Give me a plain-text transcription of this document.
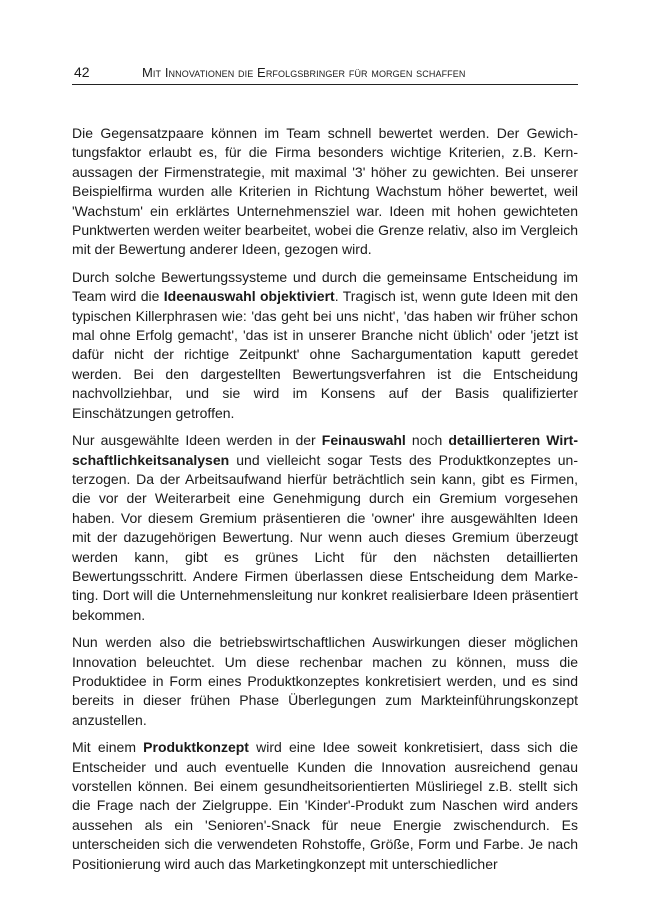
42	Mit Innovationen die Erfolgsbringer für morgen schaffen

Die Gegensatzpaare können im Team schnell bewertet werden. Der Gewichtungsfaktor erlaubt es, für die Firma besonders wichtige Kriterien, z.B. Kernaussagen der Firmenstrategie, mit maximal '3' höher zu gewichten. Bei unserer Beispielfirma wurden alle Kriterien in Richtung Wachstum höher bewertet, weil 'Wachstum' ein erklärtes Unternehmensziel war. Ideen mit hohen gewichteten Punktwerten werden weiter bearbeitet, wobei die Grenze relativ, also im Vergleich mit der Bewertung anderer Ideen, gezogen wird.

Durch solche Bewertungssysteme und durch die gemeinsame Entscheidung im Team wird die Ideenauswahl objektiviert. Tragisch ist, wenn gute Ideen mit den typischen Killerphrasen wie: 'das geht bei uns nicht', 'das haben wir früher schon mal ohne Erfolg gemacht', 'das ist in unserer Branche nicht üblich' oder 'jetzt ist dafür nicht der richtige Zeitpunkt' ohne Sachargumentation kaputt geredet werden. Bei den dargestellten Bewertungsverfahren ist die Entscheidung nachvollziehbar, und sie wird im Konsens auf der Basis qualifizierter Einschätzungen getroffen.

Nur ausgewählte Ideen werden in der Feinauswahl noch detaillierteren Wirtschaftlichkeitsanalysen und vielleicht sogar Tests des Produktkonzeptes unterzogen. Da der Arbeitsaufwand hierfür beträchtlich sein kann, gibt es Firmen, die vor der Weiterarbeit eine Genehmigung durch ein Gremium vorgesehen haben. Vor diesem Gremium präsentieren die 'owner' ihre ausgewählten Ideen mit der dazugehörigen Bewertung. Nur wenn auch dieses Gremium überzeugt werden kann, gibt es grünes Licht für den nächsten detaillierten Bewertungsschritt. Andere Firmen überlassen diese Entscheidung dem Marketing. Dort will die Unternehmensleitung nur konkret realisierbare Ideen präsentiert bekommen.

Nun werden also die betriebswirtschaftlichen Auswirkungen dieser möglichen Innovation beleuchtet. Um diese rechenbar machen zu können, muss die Produktidee in Form eines Produktkonzeptes konkretisiert werden, und es sind bereits in dieser frühen Phase Überlegungen zum Markteinführungskonzept anzustellen.

Mit einem Produktkonzept wird eine Idee soweit konkretisiert, dass sich die Entscheider und auch eventuelle Kunden die Innovation ausreichend genau vorstellen können. Bei einem gesundheitsorientierten Müsliriegel z.B. stellt sich die Frage nach der Zielgruppe. Ein 'Kinder'-Produkt zum Naschen wird anders aussehen als ein 'Senioren'-Snack für neue Energie zwischendurch. Es unterscheiden sich die verwendeten Rohstoffe, Größe, Form und Farbe. Je nach Positionierung wird auch das Marketingkonzept mit unterschiedlicher
